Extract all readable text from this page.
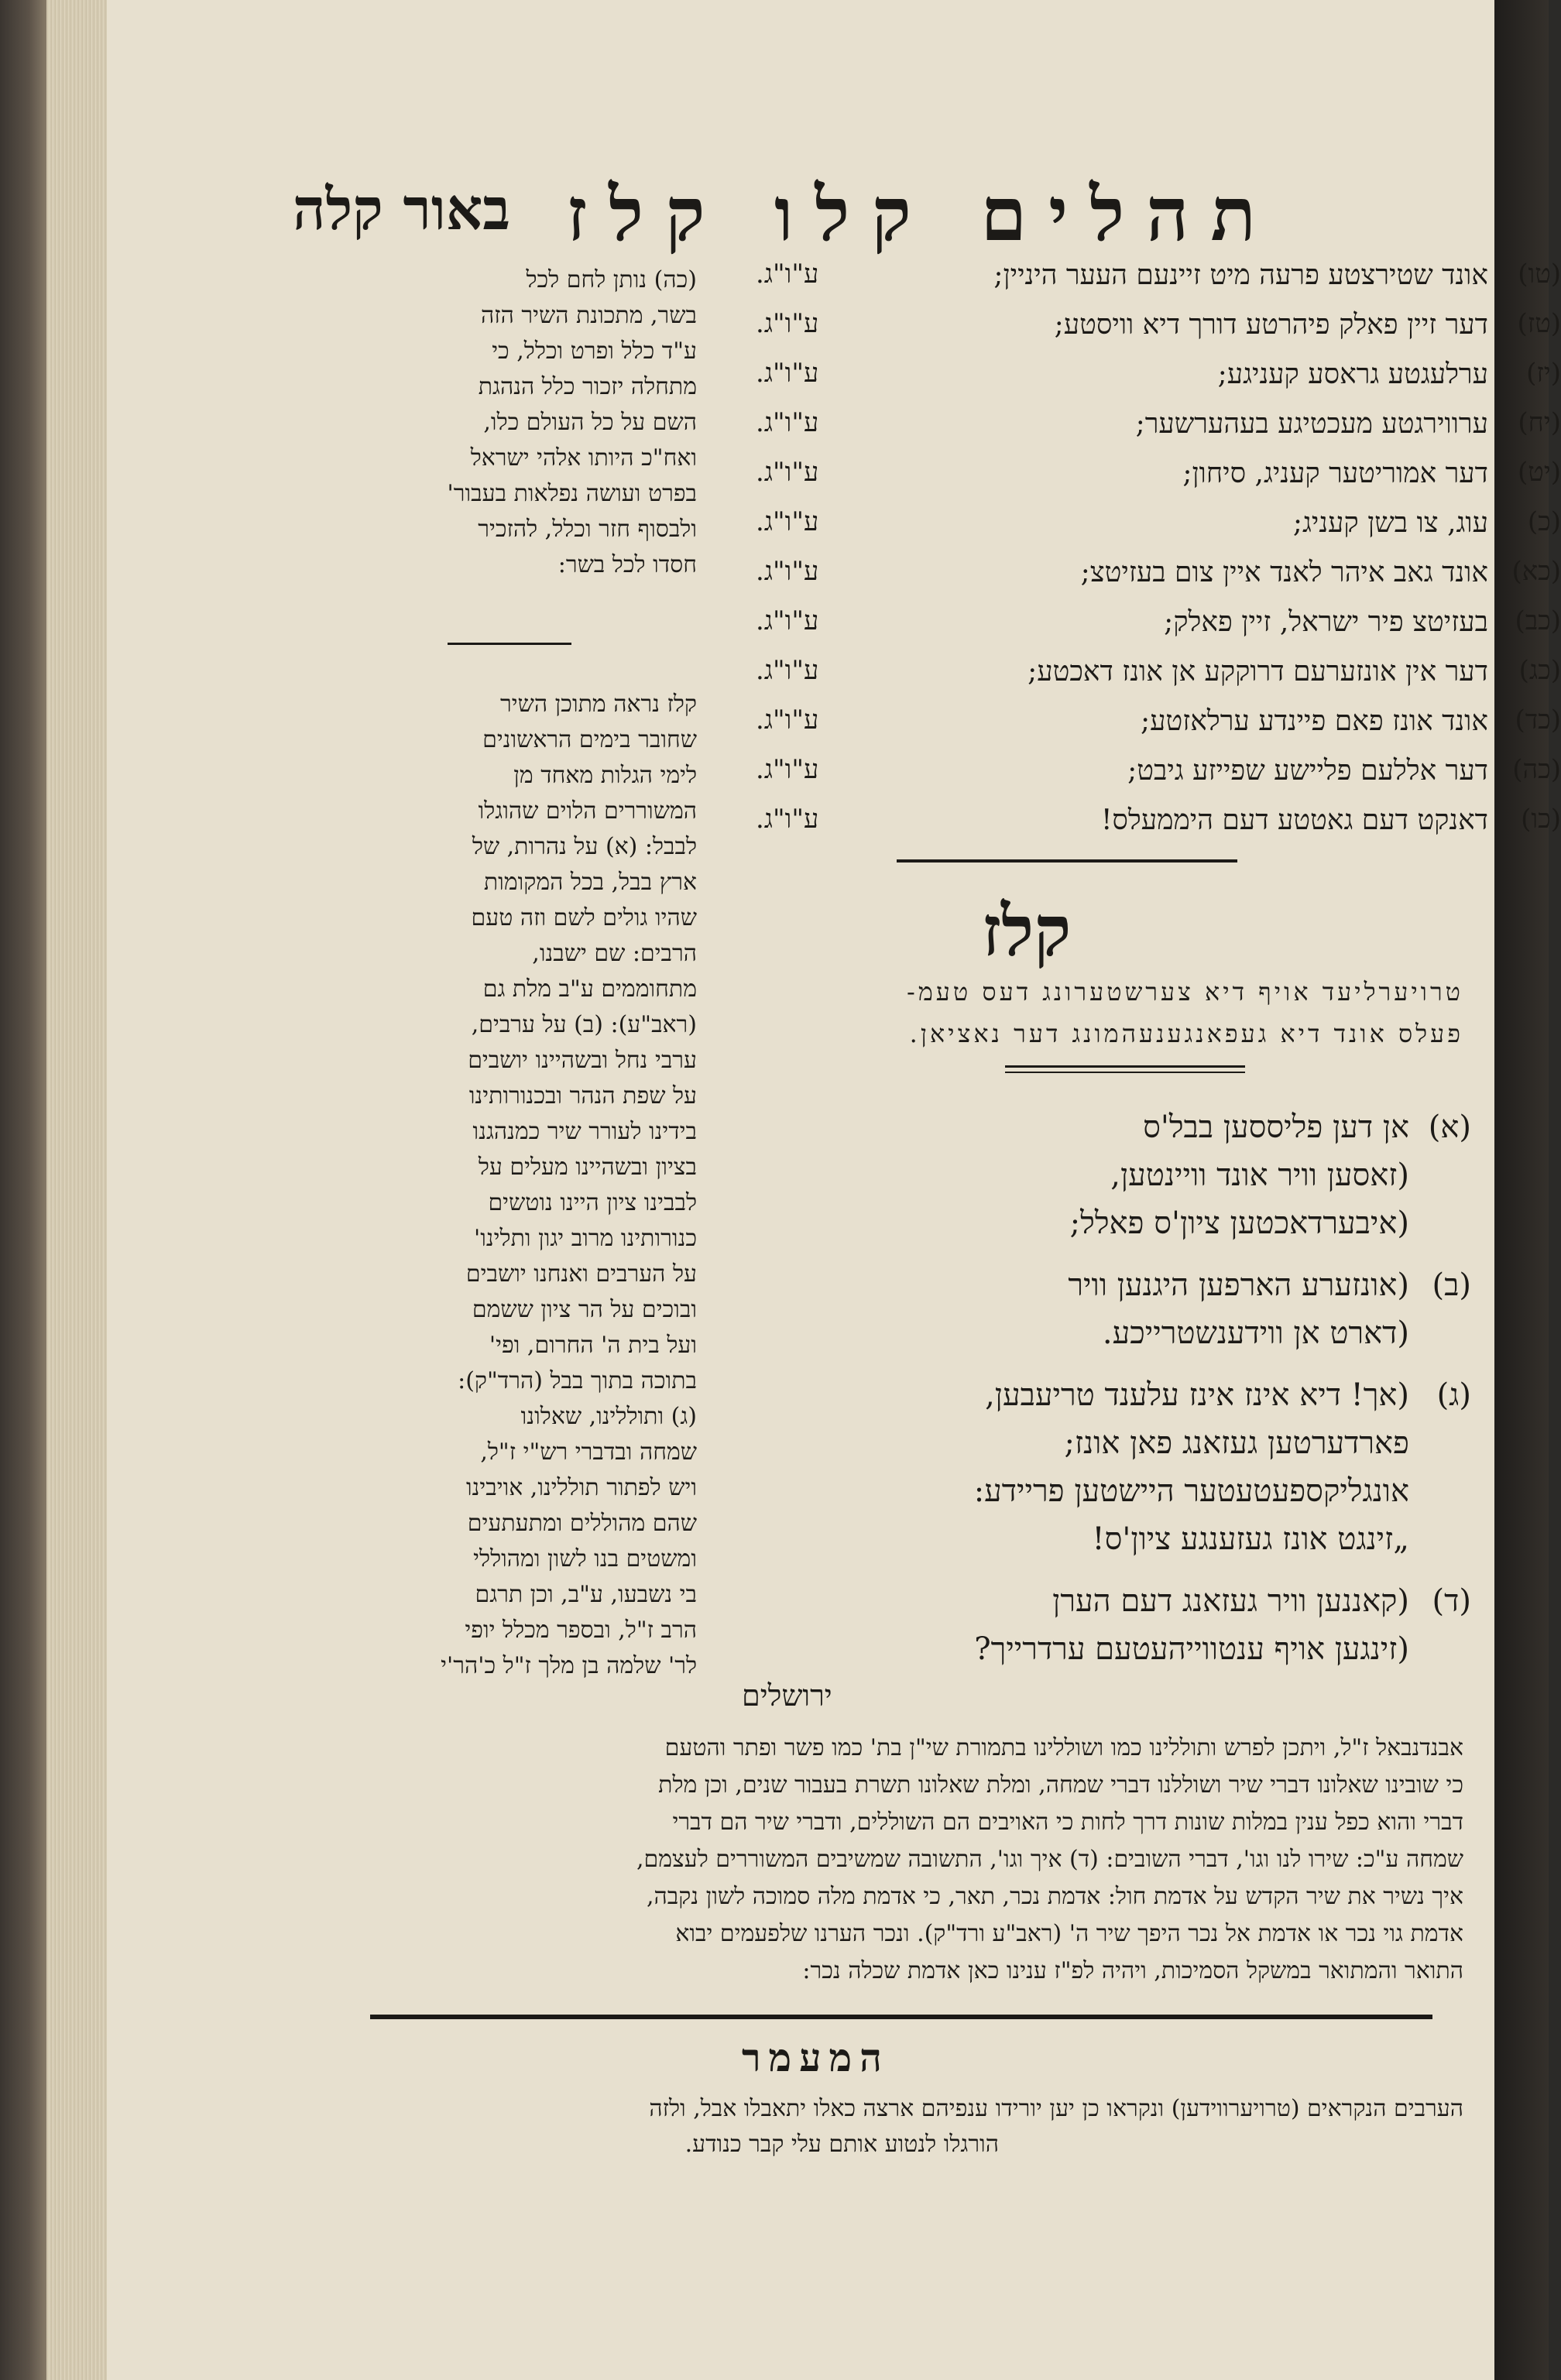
תהלים קלו קלז
באור קלה
(טו)
אונד שטירצטע פרעה מיט זיינעם העער היניין;
ע"ו"ג.
(טז)
דער זיין פאלק פיהרטע דורך דיא וויסטע;
ע"ו"ג.
(יז)
ערלעגטע גראסע קעניגע;
ע"ו"ג.
(יח)
ערווירגטע מעכטיגע בעהערשער;
ע"ו"ג.
(יט)
דער אמוריטער קעניג, סיחון;
ע"ו"ג.
(כ)
עוג, צו בשן קעניג;
ע"ו"ג.
(כא)
אונד גאב איהר לאנד איין צום בעזיטצ;
ע"ו"ג.
(כב)
בעזיטצ פיר ישראל, זיין פאלק;
ע"ו"ג.
(כג)
דער אין אונזערעם דרוקקע אן אונז דאכטע;
ע"ו"ג.
(כד)
אונד אונז פאם פיינדע ערלאזטע;
ע"ו"ג.
(כה)
דער אללעם פליישע שפייזע גיבט;
ע"ו"ג.
(כו)
דאנקט דעם גאטטע דעם היממעלס!
ע"ו"ג.
קלז
טרויערליעד אויף דיא צערשטערונג דעס טעמ-
פעלס אונד דיא געפאנגענעהמונג דער נאציאן.
(א)
אן דען פליססען בבל'ס
(זאסען וויר אונד וויינטען,
(איבערדאכטען ציון'ס פאלל;
(ב)
(אונזערע הארפען היגנען וויר
(דארט אן ווידענשטרייכע.
(ג)
(אך! דיא אינז אינז עלענד טריעבען,
פארדערטען געזאנג פאן אונז;
אונגליקספעטעטער היישטען פריידע:
„זינגט אונז געזענגע ציון'ס!
(ד)
(קאננען וויר געזאנג דעם הערן
(זינגען אויף ענטווייהעטעם ערדרייך?
ירושלים
(כה) נותן לחם לכל
בשר, מתכונת השיר הזה
ע"ד כלל ופרט וכלל, כי
מתחלה יזכור כלל הנהגת
השם על כל העולם כלו,
ואח"כ היותו אלהי ישראל
בפרט ועושה נפלאות בעבור'
ולבסוף חזר וכלל, להזכיר
חסדו לכל בשר:
קלז נראה מתוכן השיר
שחובר בימים הראשונים
לימי הגלות מאחד מן
המשוררים הלוים שהוגלו
לבבל: (א) על נהרות, של
ארץ בבל, בכל המקומות
שהיו גולים לשם וזה טעם
הרבים: שם ישבנו,
מתחוממים ע"ב מלת גם
(ראב"ע): (ב) על ערבים,
ערבי נחל ובשהיינו יושבים
על שפת הנהר ובכנורותינו
בידינו לעורר שיר כמנהגנו
בציון ובשהיינו מעלים על
לבבינו ציון היינו נוטשים
כנורותינו מרוב יגון ותלינו'
על הערבים ואנחנו יושבים
ובוכים על הר ציון ששמם
ועל בית ה' החרום, ופי'
בתוכה בתוך בבל (הרד"ק):
(ג) ותוללינו, שאלונו
שמחה ובדברי רש"י ז"ל,
ויש לפתור תוללינו, אויבינו
שהם מהוללים ומתעתעים
ומשטים בנו לשון ומהוללי
בי נשבעו, ע"ב, וכן תרגם
הרב ז"ל, ובספר מכלל יופי
לר' שלמה בן מלך ז"ל כ'הר'י
אבנדנבאל ז"ל, ויתכן לפרש ותוללינו כמו ושוללינו בתמורת שי"ן בת' כמו פשר ופתר והטעם
כי שובינו שאלונו דברי שיר ושוללנו דברי שמחה, ומלת שאלונו תשרת בעבור שנים, וכן מלת
דברי והוא כפל ענין במלות שונות דרך לחות כי האויבים הם השוללים, ודברי שיר הם דברי
שמחה ע"כ: שירו לנו וגו', דברי השובים: (ד) איך וגו', התשובה שמשיבים המשוררים לעצמם,
איך נשיר את שיר הקדש על אדמת חול: אדמת נכר, תאר, כי אדמת מלה סמוכה לשון נקבה,
אדמת גוי נכר או אדמת אל נכר היפך שיר ה' (ראב"ע ורד"ק). ונכר הערנו שלפעמים יבוא
התואר והמתואר במשקל הסמיכות, ויהיה לפ"ז ענינו כאן אדמת שכלה נכר:
המעמר
הערבים הנקראים (טרויערווידען) ונקראו כן יען יורידו ענפיהם ארצה כאלו יתאבלו אבל, ולזה
הורגלו לנטוע אותם עלי קבר כנודע.
